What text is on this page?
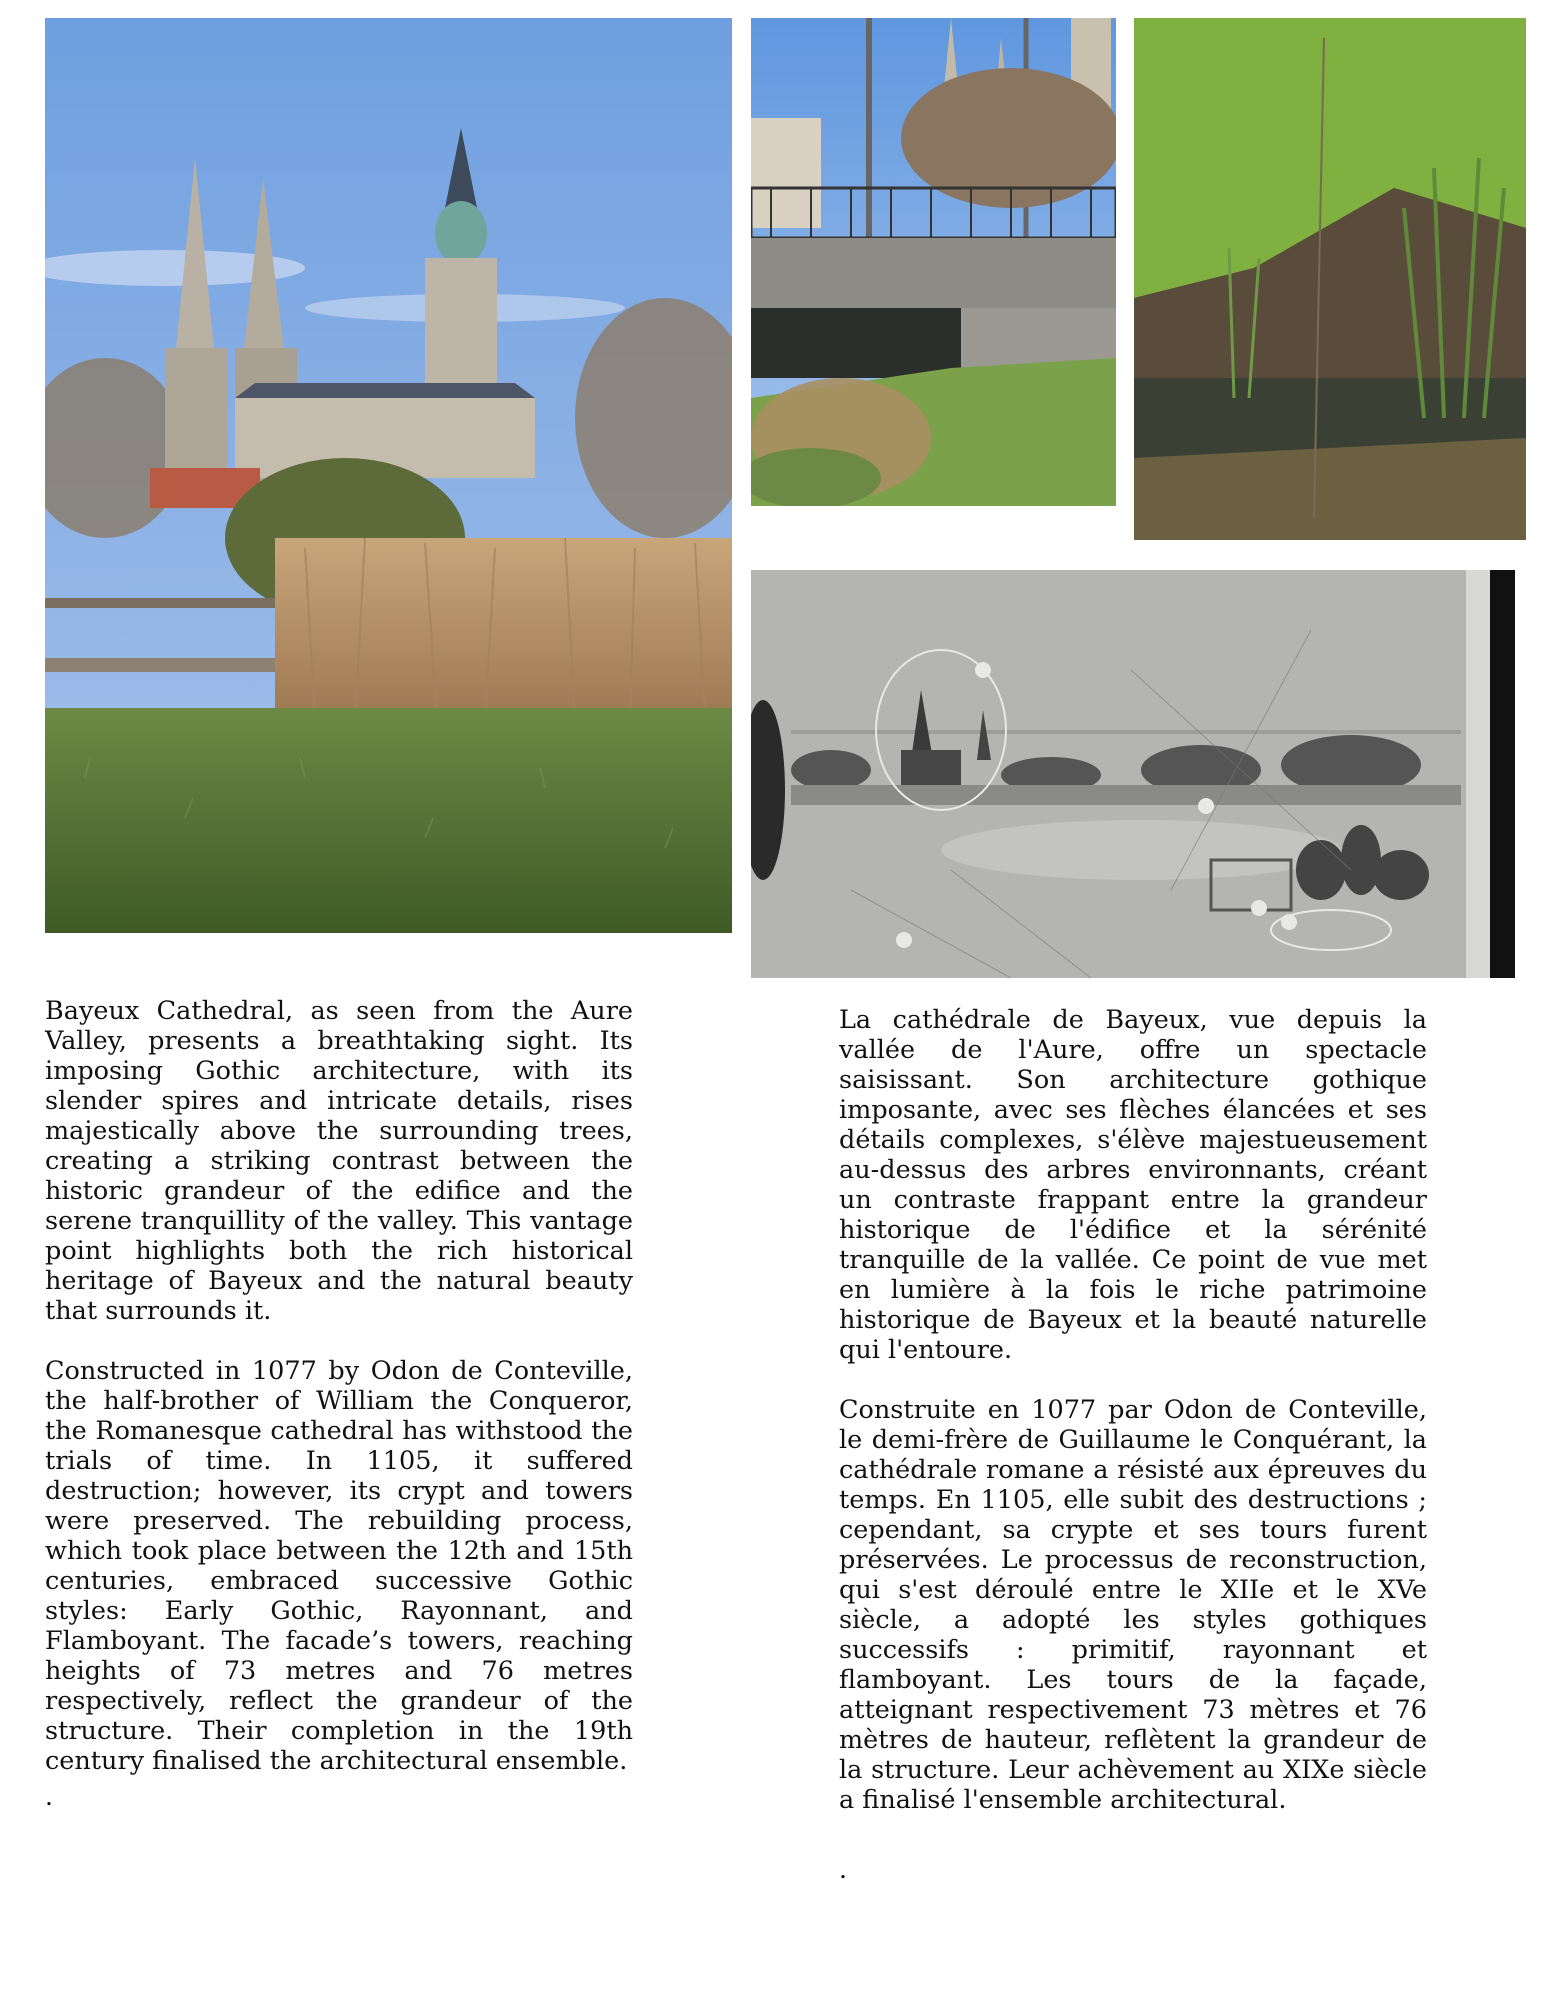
Bayeux Cathedral, as seen from the Aure Valley, presents a breathtaking sight. Its imposing Gothic architecture, with its slender spires and intricate details, rises majestically above the surrounding trees, creating a striking contrast between the historic grandeur of the edifice and the serene tranquillity of the valley. This vantage point highlights both the rich historical heritage of Bayeux and the natural beauty that surrounds it.

Constructed in 1077 by Odon de Conteville, the half-brother of William the Conqueror, the Romanesque cathedral has withstood the trials of time. In 1105, it suffered destruction; however, its crypt and towers were preserved. The rebuilding process, which took place between the 12th and 15th centuries, embraced successive Gothic styles: Early Gothic, Rayonnant, and Flamboyant. The facade’s towers, reaching heights of 73 metres and 76 metres respectively, reflect the grandeur of the structure. Their completion in the 19th century finalised the architectural ensemble.

.

La cathédrale de Bayeux, vue depuis la vallée de l'Aure, offre un spectacle saisissant. Son architecture gothique imposante, avec ses flèches élancées et ses détails complexes, s'élève majestueusement au-dessus des arbres environnants, créant un contraste frappant entre la grandeur historique de l'édifice et la sérénité tranquille de la vallée. Ce point de vue met en lumière à la fois le riche patrimoine historique de Bayeux et la beauté naturelle qui l'entoure.

Construite en 1077 par Odon de Conteville, le demi-frère de Guillaume le Conquérant, la cathédrale romane a résisté aux épreuves du temps. En 1105, elle subit des destructions ; cependant, sa crypte et ses tours furent préservées. Le processus de reconstruction, qui s'est déroulé entre le XIIe et le XVe siècle, a adopté les styles gothiques successifs : primitif, rayonnant et flamboyant. Les tours de la façade, atteignant respectivement 73 mètres et 76 mètres de hauteur, reflètent la grandeur de la structure. Leur achèvement au XIXe siècle a finalisé l'ensemble architectural.

.
